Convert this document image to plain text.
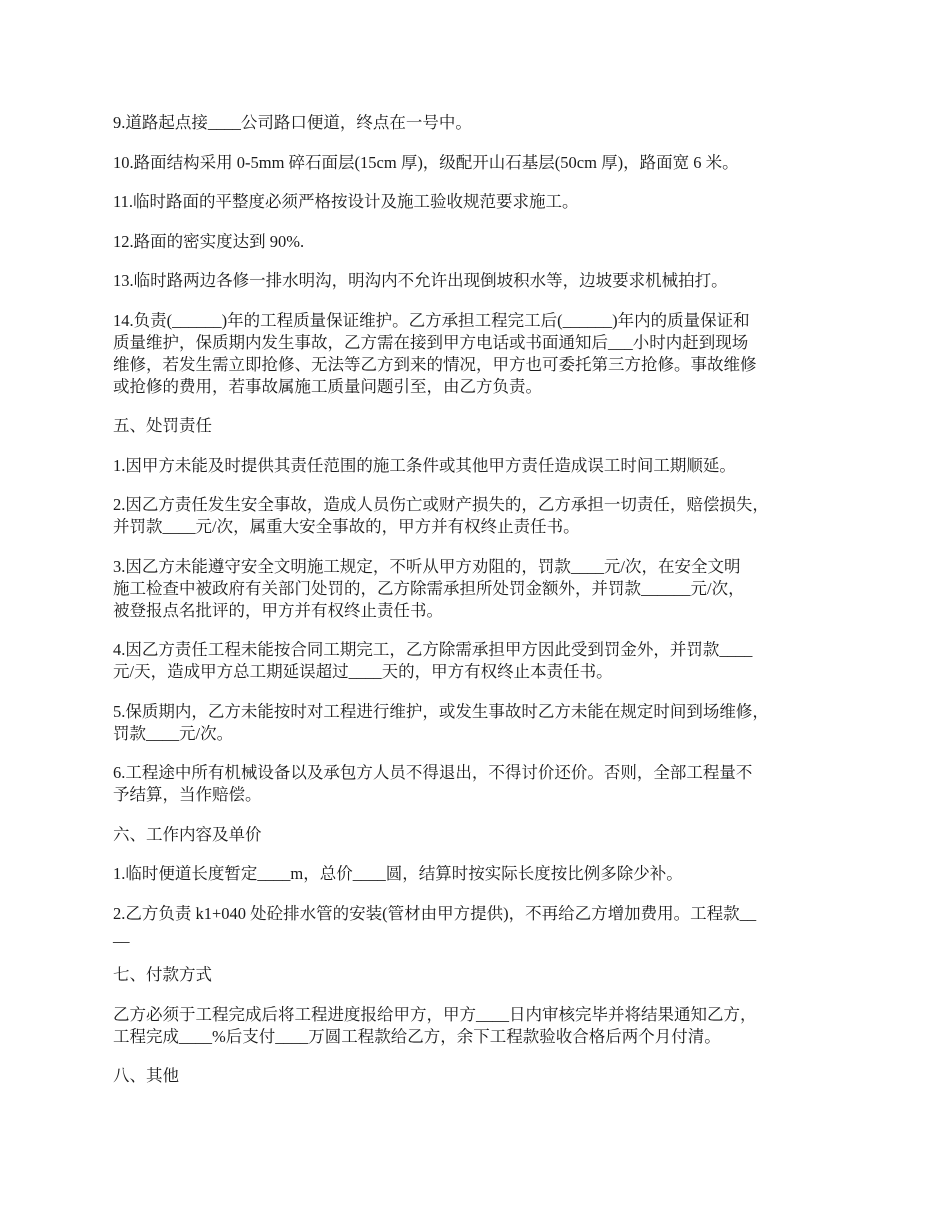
9.道路起点接____公司路口便道，终点在一号中。

10.路面结构采用 0-5mm 碎石面层(15cm 厚)，级配开山石基层(50cm 厚)，路面宽 6 米。

11.临时路面的平整度必须严格按设计及施工验收规范要求施工。

12.路面的密实度达到 90%.

13.临时路两边各修一排水明沟，明沟内不允许出现倒坡积水等，边坡要求机械拍打。

14.负责(______)年的工程质量保证维护。乙方承担工程完工后(______)年内的质量保证和
质量维护，保质期内发生事故，乙方需在接到甲方电话或书面通知后___小时内赶到现场
维修，若发生需立即抢修、无法等乙方到来的情况，甲方也可委托第三方抢修。事故维修
或抢修的费用，若事故属施工质量问题引至，由乙方负责。

五、处罚责任

1.因甲方未能及时提供其责任范围的施工条件或其他甲方责任造成误工时间工期顺延。

2.因乙方责任发生安全事故，造成人员伤亡或财产损失的，乙方承担一切责任，赔偿损失，
并罚款____元/次，属重大安全事故的，甲方并有权终止责任书。

3.因乙方未能遵守安全文明施工规定，不听从甲方劝阻的，罚款____元/次，在安全文明
施工检查中被政府有关部门处罚的，乙方除需承担所处罚金额外，并罚款______元/次，
被登报点名批评的，甲方并有权终止责任书。

4.因乙方责任工程未能按合同工期完工，乙方除需承担甲方因此受到罚金外，并罚款____
元/天，造成甲方总工期延误超过____天的，甲方有权终止本责任书。

5.保质期内，乙方未能按时对工程进行维护，或发生事故时乙方未能在规定时间到场维修，
罚款____元/次。

6.工程途中所有机械设备以及承包方人员不得退出，不得讨价还价。否则，全部工程量不
予结算，当作赔偿。

六、工作内容及单价

1.临时便道长度暂定____m，总价____圆，结算时按实际长度按比例多除少补。

2.乙方负责 k1+040 处砼排水管的安装(管材由甲方提供)，不再给乙方增加费用。工程款__
__

七、付款方式

乙方必须于工程完成后将工程进度报给甲方，甲方____日内审核完毕并将结果通知乙方，
工程完成____%后支付____万圆工程款给乙方，余下工程款验收合格后两个月付清。

八、其他
